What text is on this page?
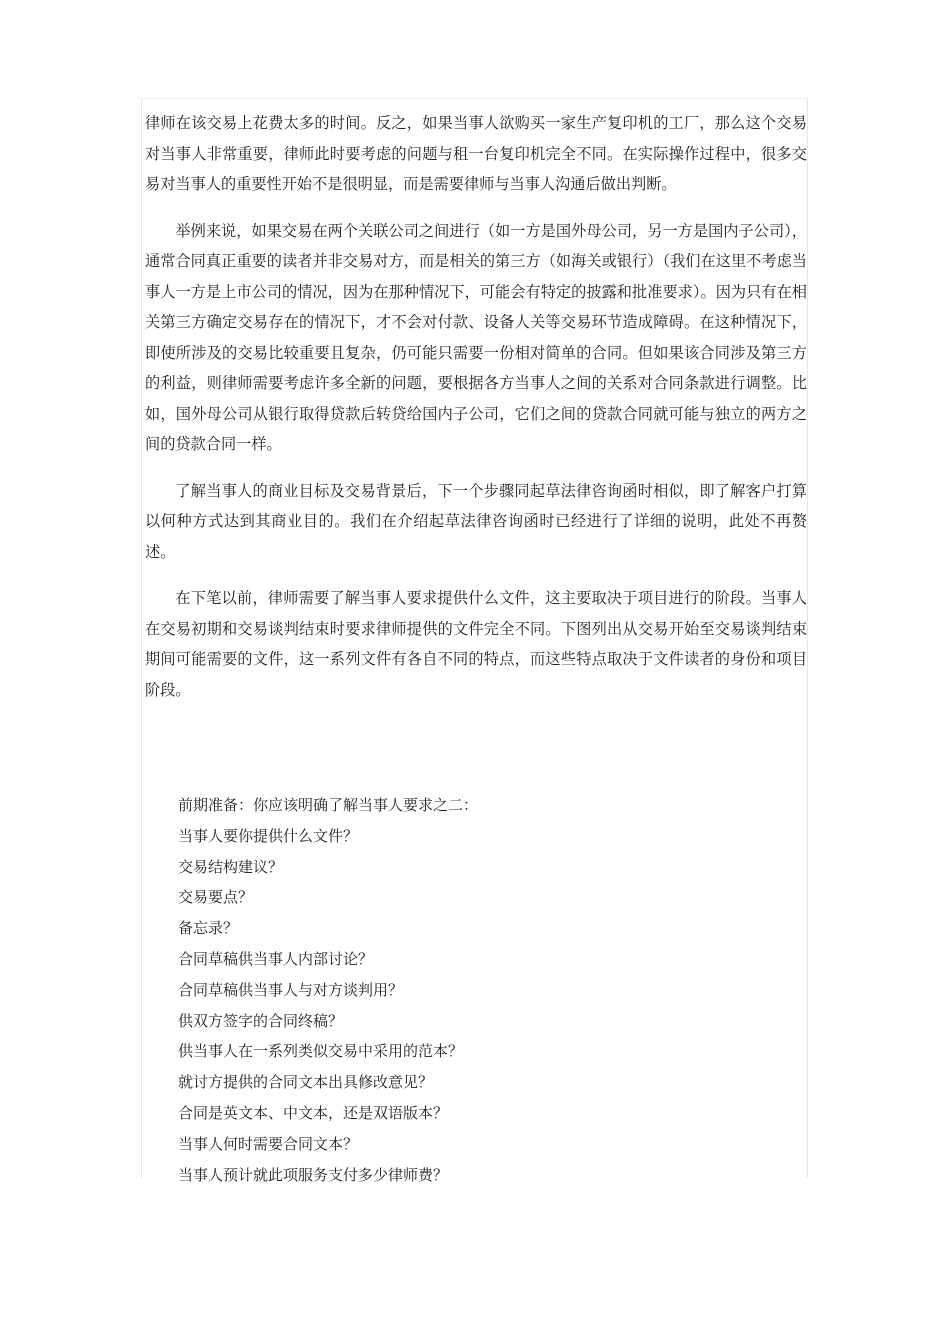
律师在该交易上花费太多的时间。反之，如果当事人欲购买一家生产复印机的工厂，那么这个交易对当事人非常重要，律师此时要考虑的问题与租一台复印机完全不同。在实际操作过程中，很多交易对当事人的重要性开始不是很明显，而是需要律师与当事人沟通后做出判断。

举例来说，如果交易在两个关联公司之间进行（如一方是国外母公司，另一方是国内子公司），通常合同真正重要的读者并非交易对方，而是相关的第三方（如海关或银行）（我们在这里不考虑当事人一方是上市公司的情况，因为在那种情况下，可能会有特定的披露和批准要求）。因为只有在相关第三方确定交易存在的情况下，才不会对付款、设备人关等交易环节造成障碍。在这种情况下，即使所涉及的交易比较重要且复杂，仍可能只需要一份相对简单的合同。但如果该合同涉及第三方的利益，则律师需要考虑许多全新的问题，要根据各方当事人之间的关系对合同条款进行调整。比如，国外母公司从银行取得贷款后转贷给国内子公司，它们之间的贷款合同就可能与独立的两方之间的贷款合同一样。

了解当事人的商业目标及交易背景后，下一个步骤同起草法律咨询函时相似，即了解客户打算以何种方式达到其商业目的。我们在介绍起草法律咨询函时已经进行了详细的说明，此处不再赘述。

在下笔以前，律师需要了解当事人要求提供什么文件，这主要取决于项目进行的阶段。当事人在交易初期和交易谈判结束时要求律师提供的文件完全不同。下图列出从交易开始至交易谈判结束期间可能需要的文件，这一系列文件有各自不同的特点，而这些特点取决于文件读者的身份和项目阶段。

前期准备：你应该明确了解当事人要求之二：
当事人要你提供什么文件？
交易结构建议？
交易要点？
备忘录？
合同草稿供当事人内部讨论？
合同草稿供当事人与对方谈判用？
供双方签字的合同终稿？
供当事人在一系列类似交易中采用的范本？
就讨方提供的合同文本出具修改意见？
合同是英文本、中文本，还是双语版本？
当事人何时需要合同文本？
当事人预计就此项服务支付多少律师费？
